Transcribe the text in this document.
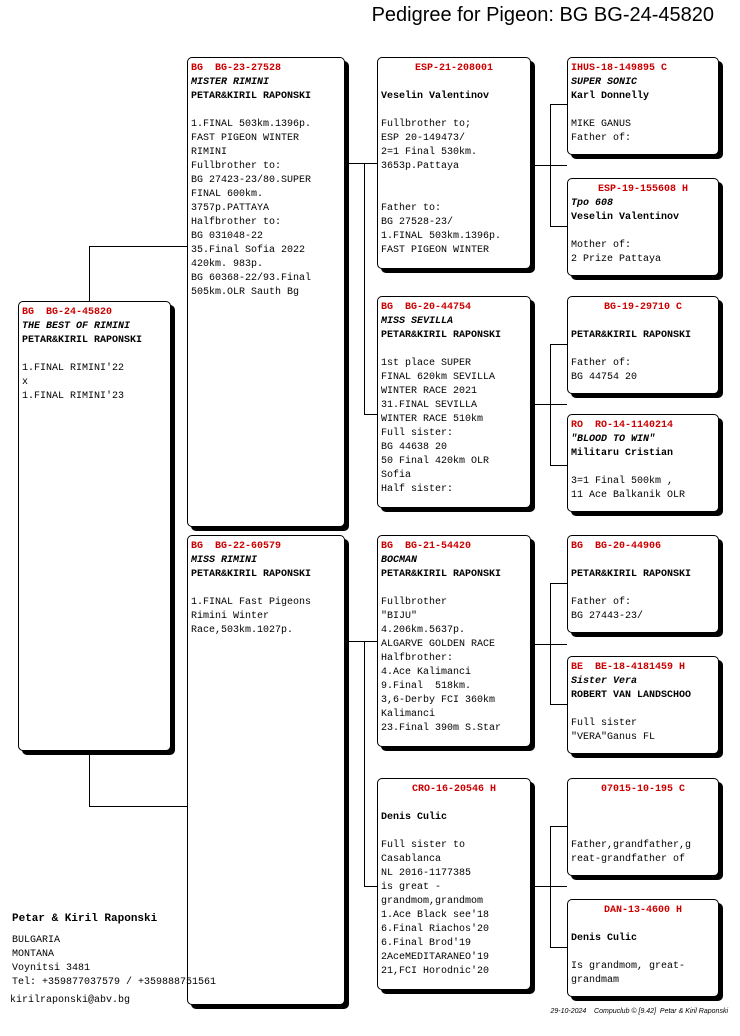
Pedigree for Pigeon: BG BG-24-45820
BG  BG-24-45820
THE BEST OF RIMINI
PETAR&KIRIL RAPONSKI
1.FINAL RIMINI'22
x
1.FINAL RIMINI'23
BG  BG-23-27528
MISTER RIMINI
PETAR&KIRIL RAPONSKI
1.FINAL 503km.1396p.
FAST PIGEON WINTER
RIMINI
Fullbrother to:
BG 27423-23/80.SUPER
FINAL 600km.
3757p.PATTAYA
Halfbrother to:
BG 031048-22
35.Final Sofia 2022
420km. 983p.
BG 60368-22/93.Final
505km.OLR Sauth Bg
BG  BG-22-60579
MISS RIMINI
PETAR&KIRIL RAPONSKI
1.FINAL Fast Pigeons
Rimini Winter
Race,503km.1027p.
ESP-21-208001
Veselin Valentinov
Fullbrother to;
ESP 20-149473/
2=1 Final 530km.
3653p.Pattaya

Father to:
BG 27528-23/
1.FINAL 503km.1396p.
FAST PIGEON WINTER
BG  BG-20-44754
MISS SEVILLA
PETAR&KIRIL RAPONSKI
1st place SUPER
FINAL 620km SEVILLA
WINTER RACE 2021
31.FINAL SEVILLA
WINTER RACE 510km
Full sister:
BG 44638 20
50 Final 420km OLR
Sofia
Half sister:
BG  BG-21-54420
BOCMAN
PETAR&KIRIL RAPONSKI
Fullbrother
"BIJU"
4.206km.5637p.
ALGARVE GOLDEN RACE
Halfbrother:
4.Ace Kalimanci
9.Final  518km.
3,6-Derby FCI 360km
Kalimanci
23.Final 390m S.Star
CRO-16-20546 H
Denis Culic
Full sister to
Casablanca
NL 2016-1177385
is great -
grandmom,grandmom
1.Ace Black see'18
6.Final Riachos'20
6.Final Brod'19
2AceMEDITARANEO'19
21,FCI Horodnic'20
IHUS-18-149895 C
SUPER SONIC
Karl Donnelly
MIKE GANUS
Father of:
ESP-19-155608 H
Tpo 608
Veselin Valentinov
Mother of:
2 Prize Pattaya
BG-19-29710 C
PETAR&KIRIL RAPONSKI
Father of:
BG 44754 20
RO  RO-14-1140214
"BLOOD TO WIN"
Militaru Cristian
3=1 Final 500km ,
11 Ace Balkanik OLR
BG  BG-20-44906
PETAR&KIRIL RAPONSKI
Father of:
BG 27443-23/
BE  BE-18-4181459 H
Sister Vera
ROBERT VAN LANDSCHOO
Full sister
"VERA"Ganus FL
07015-10-195 C
Father,grandfather,g
reat-grandfather of
DAN-13-4600 H
Denis Culic
Is grandmom, great-
grandmam
Petar & Kiril Raponski
BULGARIA
MONTANA
Voynitsi 3481
Tel: +359877037579 / +359888751561
kirilraponski@abv.bg
29-10-2024    Compuclub © [9.42]  Petar & Kiril Raponski
